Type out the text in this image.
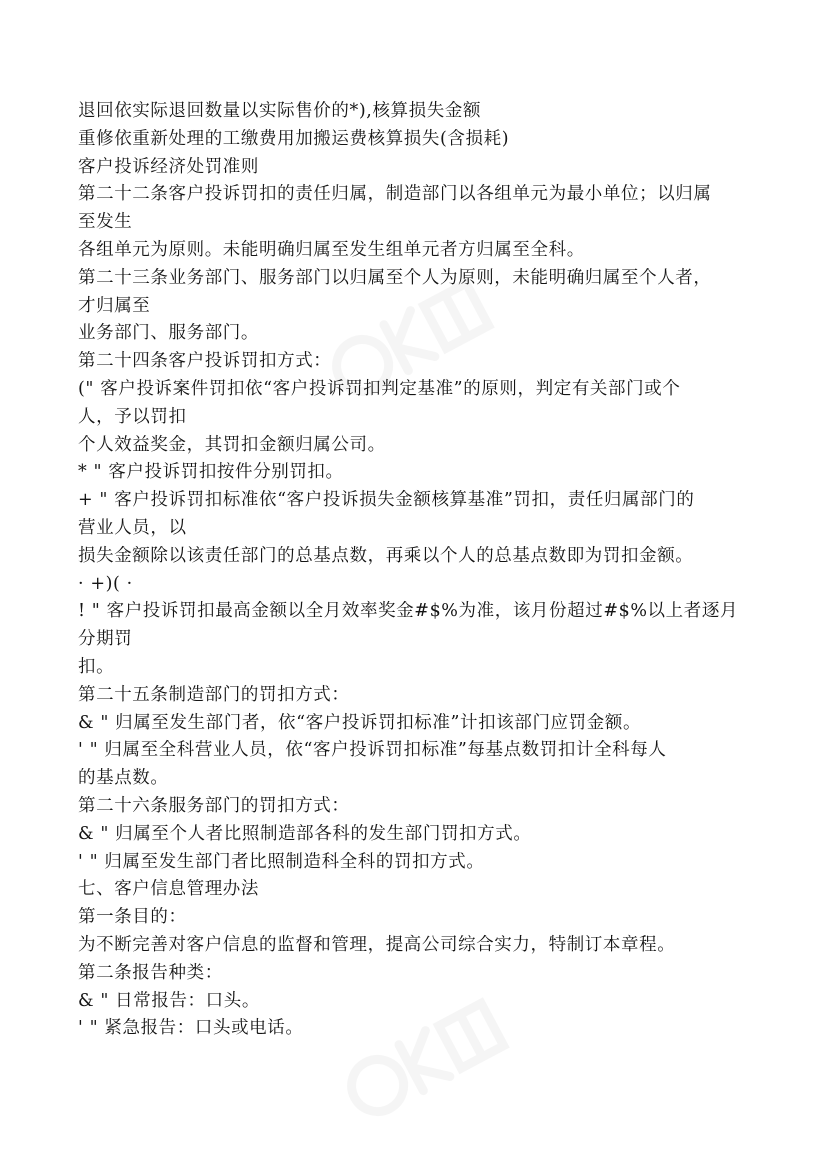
退回依实际退回数量以实际售价的*),核算损失金额
重修依重新处理的工缴费用加搬运费核算损失(含损耗)
客户投诉经济处罚准则
第二十二条客户投诉罚扣的责任归属，制造部门以各组单元为最小单位；以归属
至发生
各组单元为原则。未能明确归属至发生组单元者方归属至全科。
第二十三条业务部门、服务部门以归属至个人为原则，未能明确归属至个人者，
才归属至
业务部门、服务部门。
第二十四条客户投诉罚扣方式：
(" 客户投诉案件罚扣依“客户投诉罚扣判定基准”的原则，判定有关部门或个
人，予以罚扣
个人效益奖金，其罚扣金额归属公司。
* " 客户投诉罚扣按件分别罚扣。
+ " 客户投诉罚扣标准依“客户投诉损失金额核算基准”罚扣，责任归属部门的
营业人员，以
损失金额除以该责任部门的总基点数，再乘以个人的总基点数即为罚扣金额。
· +)( ·
! " 客户投诉罚扣最高金额以全月效率奖金#$%为准，该月份超过#$%以上者逐月
分期罚
扣。
第二十五条制造部门的罚扣方式：
& " 归属至发生部门者，依“客户投诉罚扣标准”计扣该部门应罚金额。
' " 归属至全科营业人员，依“客户投诉罚扣标准”每基点数罚扣计全科每人
的基点数。
第二十六条服务部门的罚扣方式：
& " 归属至个人者比照制造部各科的发生部门罚扣方式。
' " 归属至发生部门者比照制造科全科的罚扣方式。
七、客户信息管理办法
第一条目的：
为不断完善对客户信息的监督和管理，提高公司综合实力，特制订本章程。
第二条报告种类：
& " 日常报告：口头。
' " 紧急报告：口头或电话。
